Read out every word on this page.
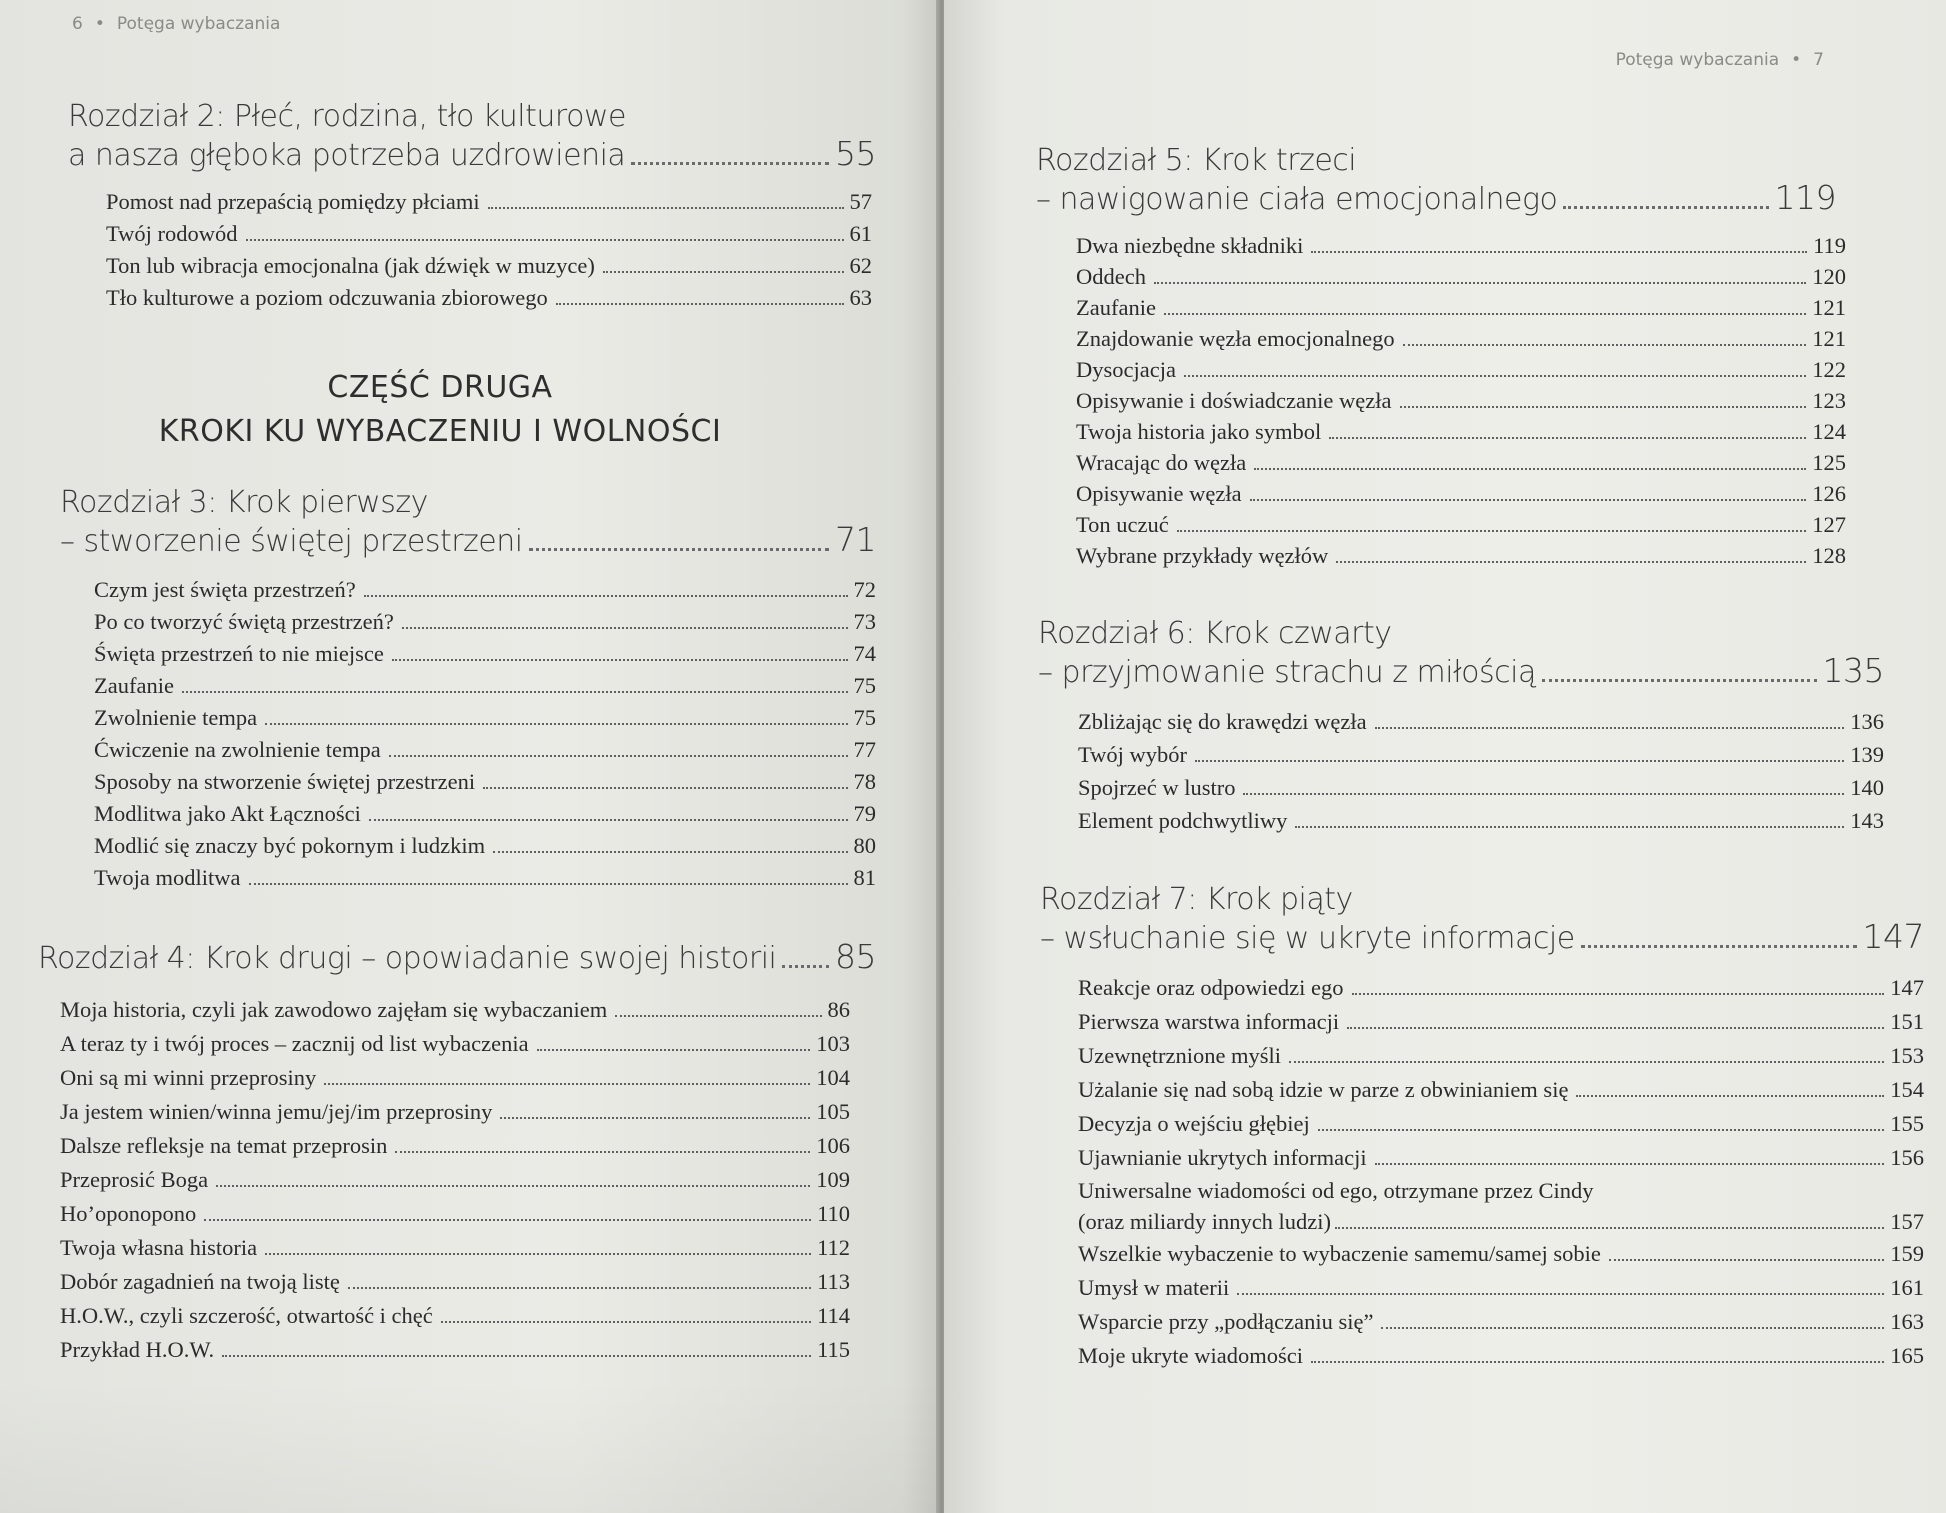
6 • Potęga wybaczania
Rozdział 2: Płeć, rodzina, tło kulturowe
a nasza głęboka potrzeba uzdrowienia	55
Pomost nad przepaścią pomiędzy płciami	57
Twój rodowód	61
Ton lub wibracja emocjonalna (jak dźwięk w muzyce)	62
Tło kulturowe a poziom odczuwania zbiorowego	63
CZĘŚĆ DRUGA
KROKI KU WYBACZENIU I WOLNOŚCI
Rozdział 3: Krok pierwszy
– stworzenie świętej przestrzeni	71
Czym jest święta przestrzeń?	72
Po co tworzyć świętą przestrzeń?	73
Święta przestrzeń to nie miejsce	74
Zaufanie	75
Zwolnienie tempa	75
Ćwiczenie na zwolnienie tempa	77
Sposoby na stworzenie świętej przestrzeni	78
Modlitwa jako Akt Łączności	79
Modlić się znaczy być pokornym i ludzkim	80
Twoja modlitwa	81
Rozdział 4: Krok drugi – opowiadanie swojej historii 85
Moja historia, czyli jak zawodowo zajęłam się wybaczaniem	86
A teraz ty i twój proces – zacznij od list wybaczenia	103
Oni są mi winni przeprosiny	104
Ja jestem winien/winna jemu/jej/im przeprosiny	105
Dalsze refleksje na temat przeprosin	106
Przeprosić Boga	109
Ho’oponopono	110
Twoja własna historia	112
Dobór zagadnień na twoją listę	113
H.O.W., czyli szczerość, otwartość i chęć	114
Przykład H.O.W.	115
Potęga wybaczania • 7
Rozdział 5: Krok trzeci
– nawigowanie ciała emocjonalnego	119
Dwa niezbędne składniki	119
Oddech	120
Zaufanie	121
Znajdowanie węzła emocjonalnego	121
Dysocjacja	122
Opisywanie i doświadczanie węzła	123
Twoja historia jako symbol	124
Wracając do węzła	125
Opisywanie węzła	126
Ton uczuć	127
Wybrane przykłady węzłów	128
Rozdział 6: Krok czwarty
– przyjmowanie strachu z miłością	135
Zbliżając się do krawędzi węzła	136
Twój wybór	139
Spojrzeć w lustro	140
Element podchwytliwy	143
Rozdział 7: Krok piąty
– wsłuchanie się w ukryte informacje	147
Reakcje oraz odpowiedzi ego	147
Pierwsza warstwa informacji	151
Uzewnętrznione myśli	153
Użalanie się nad sobą idzie w parze z obwinianiem się	154
Decyzja o wejściu głębiej	155
Ujawnianie ukrytych informacji	156
Uniwersalne wiadomości od ego, otrzymane przez Cindy
(oraz miliardy innych ludzi)	157
Wszelkie wybaczenie to wybaczenie samemu/samej sobie	159
Umysł w materii	161
Wsparcie przy „podłączaniu się”	163
Moje ukryte wiadomości	165
